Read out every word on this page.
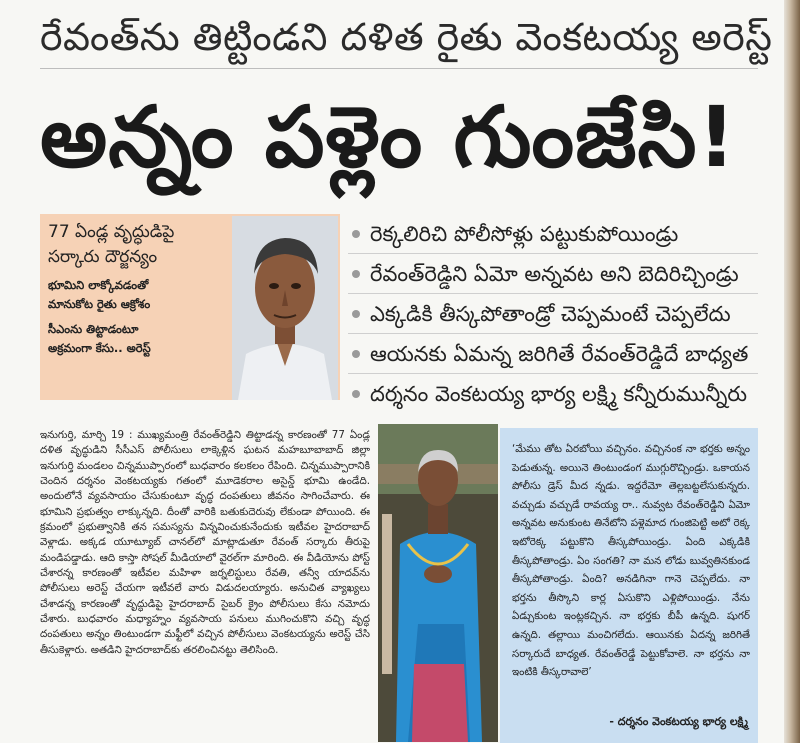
రేవంత్‌ను తిట్టిండని దళిత రైతు వెంకటయ్య అరెస్ట్
అన్నం పళ్లెం గుంజేసి!
77 ఏండ్ల వృద్ధుడిపై
సర్కారు దౌర్జన్యం
భూమిని లాక్కోవడంతో
మానుకోట రైతు ఆక్రోశం
సీఎంను తిట్టాడంటూ
అక్రమంగా కేసు.. అరెస్ట్
రెక్కలిరిచి పోలీసోళ్లు పట్టుకుపోయిండ్రు
రేవంత్‌రెడ్డిని ఏమో అన్నవట అని బెదిరిచ్చిండ్రు
ఎక్కడికి తీస్కపోతాండ్రో చెప్పమంటే చెప్పలేదు
ఆయనకు ఏమన్న జరిగితే రేవంత్‌రెడ్డిదే బాధ్యత
దర్శనం వెంకటయ్య భార్య లక్ష్మి కన్నీరుమున్నీరు
ఇనుగుర్తి, మార్చి 19 : ముఖ్యమంత్రి రేవంత్‌రెడ్డిని తిట్టాడన్న కారణంతో 77 ఏండ్ల దళిత వృద్ధుడిని సీసీఎస్ పోలీసులు లాక్కెళ్లిన ఘటన మహబూబాబాద్ జిల్లా ఇనుగుర్తి మండలం చిన్నముప్పారంలో బుధవారం కలకలం రేపింది. చిన్నముప్పారానికి చెందిన దర్శనం వెంకటయ్యకు గతంలో మూడెకరాల అసైన్డ్ భూమి ఉండేది. అందులోనే వ్యవసాయం చేసుకుంటూ వృద్ధ దంపతులు జీవనం సాగించేవారు. ఈ భూమిని ప్రభుత్వం లాక్కున్నది. దీంతో వారికి బతుకుదెరువు లేకుండా పోయింది. ఈ క్రమంలో ప్రభుత్వానికి తన సమస్యను విన్నవించుకునేందుకు ఇటీవల హైదరాబాద్ వెళ్లాడు. అక్కడ యూట్యూబ్ చానల్‌లో మాట్లాడుతూ రేవంత్ సర్కారు తీరుపై మండిపడ్డాడు. ఆది కాస్తా సోషల్ మీడియాలో వైరల్‌గా మారింది. ఈ వీడియోను పోస్ట్ చేశారన్న కారణంతో ఇటీవల మహిళా జర్నలిస్టులు రేవతి, తన్వీ యాదవ్‌ను పోలీసులు అరెస్ట్ చేయగా ఇటీవలే వారు విడుదలయ్యారు. అనుచిత వ్యాఖ్యలు చేశాడన్న కారణంతో వృద్ధుడిపై హైదరాబాద్ సైబర్ క్రైం పోలీసులు కేసు నమోదు చేశారు. బుధవారం మధ్యాహ్నం వ్యవసాయ పనులు ముగించుకొని వచ్చి వృద్ధ దంపతులు అన్నం తింటుండగా మఫ్టీలో వచ్చిన పోలీసులు వెంకటయ్యను అరెస్ట్ చేసి తీసుకెళ్లారు. అతడిని హైదరాబాద్‌కు తరలించినట్టు తెలిసింది.
‘మేము తోట ఏరబోయి వచ్చినం. వచ్చినంక నా భర్తకు అన్నం పెడుతున్న. అయినె తింటుండంగ ముగ్గురొచ్చిండ్రు. ఒకాయన పోలీసు డ్రెస్ మీద న్నడు. ఇద్దరేమో తెల్లబట్టలేసుకున్నరు. వచ్చుడు వచ్చుడే రావయ్య రా.. నువ్వట రేవంత్‌రెడ్డిని ఏమో అన్నవట అనుకుంట తినేటోని పళ్లెమాద గుంజిపెట్టి అటో రెక్క ఇటోరెక్క పట్టుకొని తీస్కపోయిండ్రు. ఏంది ఎక్కడికి తీస్కపోతాండ్రు. ఏం సంగతి? నా మన లోడు బువ్వతినకుండ తీస్కపోతాండ్రు. ఏంది? అనడిగినా గానె చెప్పలేదు. నా భర్తను తీస్కొని కార్ల ఏసుకొని ఎళ్లిపోయిండ్రు. నేను ఏడ్చుకుంట ఇంట్లకచ్చిన. నా భర్తకు బీపీ ఉన్నది. షుగర్ ఉన్నది. తల్లాయి మంచిగలేదు. ఆయినకు ఏదన్న జరిగితే సర్కారుదే బాధ్యత. రేవంత్‌రెడ్డే పెట్టుకోవాలె. నా భర్తను నా ఇంటికి తీస్కరావాలె’
- దర్శనం వెంకటయ్య భార్య లక్ష్మి
